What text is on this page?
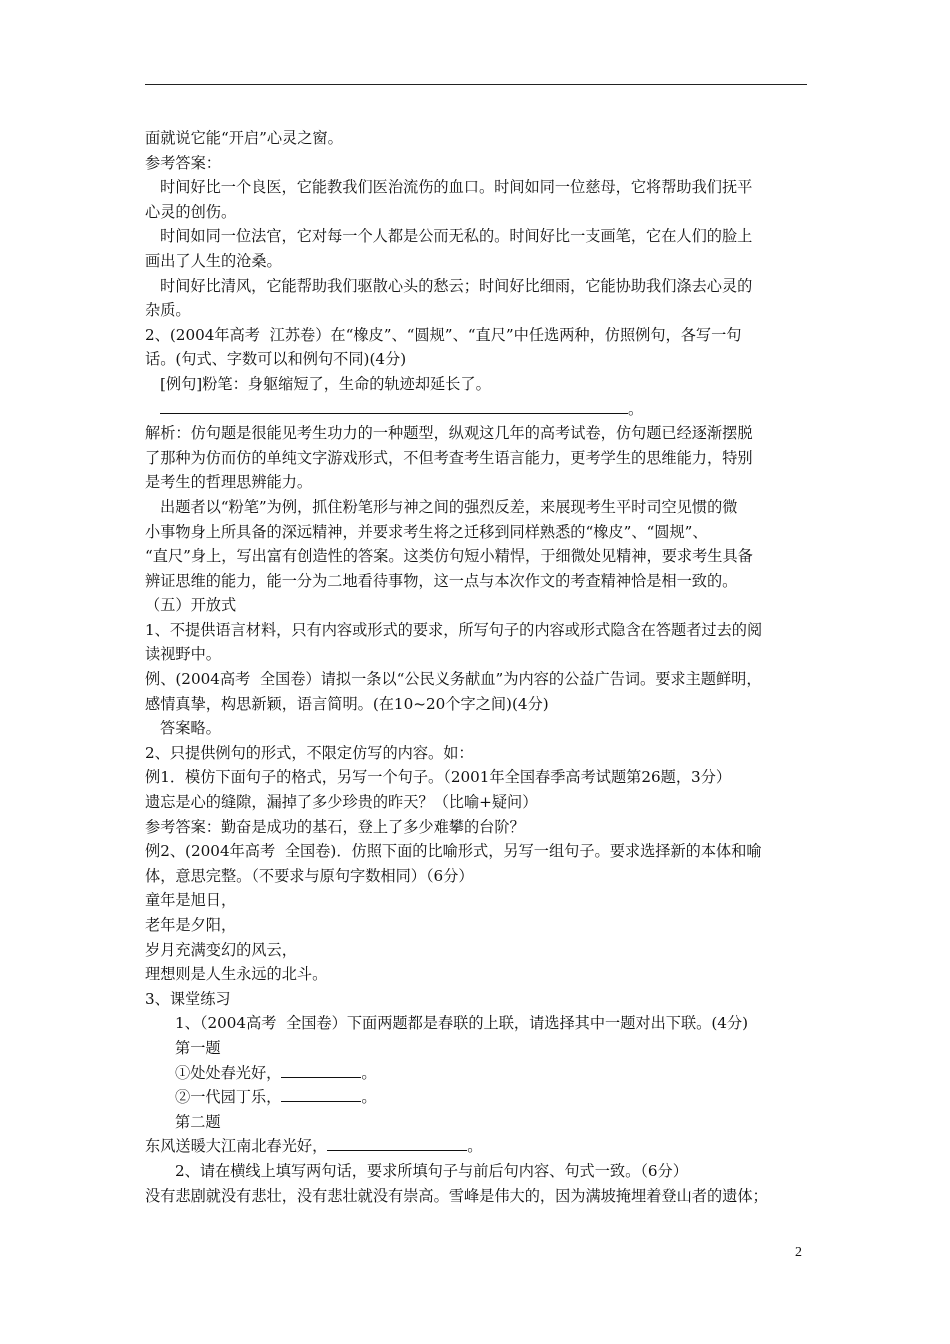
面就说它能“开启”心灵之窗。

参考答案：

时间好比一个良医，它能教我们医治流伤的血口。时间如同一位慈母，它将帮助我们抚平

心灵的创伤。

时间如同一位法官，它对每一个人都是公而无私的。时间好比一支画笔，它在人们的脸上

画出了人生的沧桑。

时间好比清风，它能帮助我们驱散心头的愁云；时间好比细雨，它能协助我们涤去心灵的

杂质。

2、(2004年高考  江苏卷）在“橡皮”、“圆规”、“直尺”中任选两种，仿照例句，各写一句

话。(句式、字数可以和例句不同)(4分)

[例句]粉笔：身躯缩短了，生命的轨迹却延长了。

。

解析：仿句题是很能见考生功力的一种题型，纵观这几年的高考试卷，仿句题已经逐渐摆脱

了那种为仿而仿的单纯文字游戏形式，不但考查考生语言能力，更考学生的思维能力，特别

是考生的哲理思辨能力。

出题者以“粉笔”为例，抓住粉笔形与神之间的强烈反差，来展现考生平时司空见惯的微

小事物身上所具备的深远精神，并要求考生将之迁移到同样熟悉的“橡皮”、“圆规”、

“直尺”身上，写出富有创造性的答案。这类仿句短小精悍，于细微处见精神，要求考生具备

辨证思维的能力，能一分为二地看待事物，这一点与本次作文的考查精神恰是相一致的。

（五）开放式

1、不提供语言材料，只有内容或形式的要求，所写句子的内容或形式隐含在答题者过去的阅

读视野中。

例、(2004高考  全国卷）请拟一条以“公民义务献血”为内容的公益广告词。要求主题鲜明，

感情真挚，构思新颖，语言简明。(在10~20个字之间)(4分)

答案略。

2、只提供例句的形式，不限定仿写的内容。如：

例1．模仿下面句子的格式，另写一个句子。（2001年全国春季高考试题第26题，3分）

遗忘是心的缝隙，漏掉了多少珍贵的昨天？（比喻+疑问）

参考答案：勤奋是成功的基石，登上了多少难攀的台阶？

例2、(2004年高考  全国卷)．仿照下面的比喻形式，另写一组句子。要求选择新的本体和喻

体，意思完整。（不要求与原句字数相同）（6分）

童年是旭日，

老年是夕阳，

岁月充满变幻的风云，

理想则是人生永远的北斗。

3、课堂练习

1、（2004高考  全国卷）下面两题都是春联的上联，请选择其中一题对出下联。(4分)

第一题

①处处春光好，	。

②一代园丁乐，	。

第二题

东风送暖大江南北春光好，	。

2、请在横线上填写两句话，要求所填句子与前后句内容、句式一致。（6分）

没有悲剧就没有悲壮，没有悲壮就没有崇高。雪峰是伟大的，因为满坡掩埋着登山者的遗体；

2
